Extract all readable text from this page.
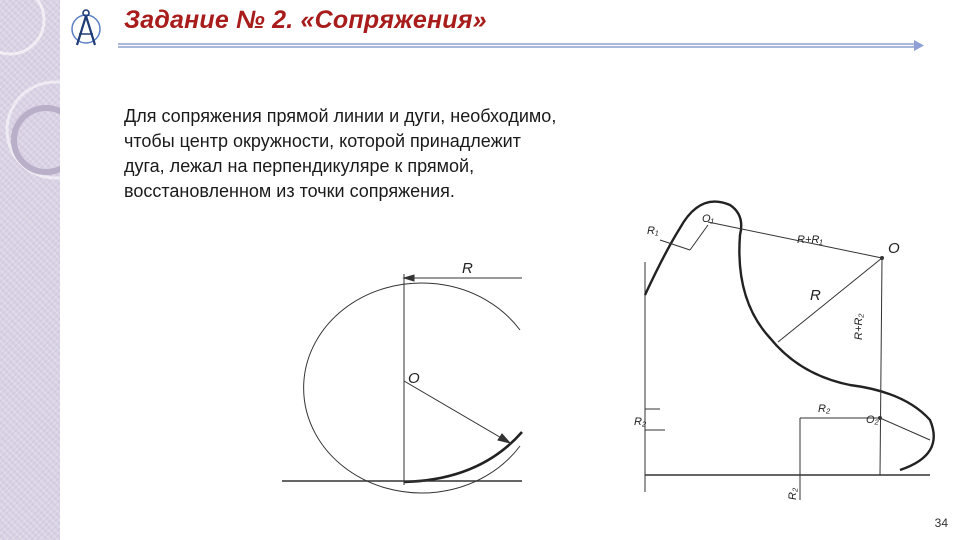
Задание № 2. «Сопряжения»

Для сопряжения прямой линии и дуги, необходимо,
чтобы центр окружности, которой принадлежит
дуга, лежал на перпендикуляре к прямой,
восстановленном из точки сопряжения.

R
O
R₁
O₁
R+R₁	O
R
R+R₂
R₂
O₂
R₂
R₂
34
